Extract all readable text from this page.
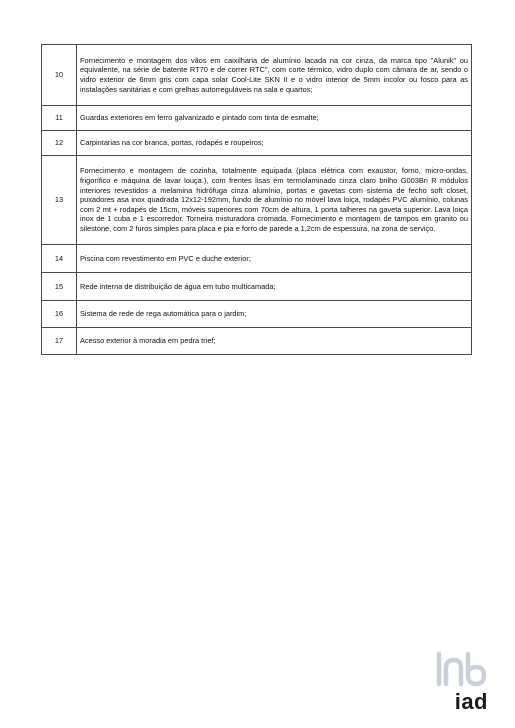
10	Fornecimento e montagem dos vãos em caixilharia de alumínio lacada na cor cinza, da marca tipo "Alunik" ou equivalente, na série de batente RT70 e de correr RTC", com corte térmico, vidro duplo com câmara de ar, sendo o vidro exterior de 6mm gris com capa solar Cool-Lite SKN II e o vidro interior de 5mm incolor ou fosco para as instalações sanitárias e com grelhas autorreguláveis na sala e quartos;
11	Guardas exteriores em ferro galvanizado e pintado com tinta de esmalte;
12	Carpintarias na cor branca, portas, rodapés e roupeiros;
13	Fornecimento e montagem de cozinha, totalmente equipada (placa elétrica com exaustor, forno, micro-ondas, frigorífico e máquina de lavar louça.), com frentes lisas em termolaminado cinza claro brilho G003Bri R módulos interiores revestidos a melamina hidrófuga cinza alumínio, portas e gavetas com sistema de fecho soft closet, puxadores asa inox quadrada 12x12-192mm, fundo de alumínio no móvel lava loiça, rodapés PVC alumínio, colunas com 2 mt + rodapés de 15cm, móveis superiores com 70cm de altura, 1 porta talheres na gaveta superior. Lava loiça inox de 1 cuba e 1 escorredor. Torneira misturadora cromada. Fornecimento e montagem de tampos em granito ou silestone, com 2 furos simples para placa e pia e forro de parede a 1,2cm de espessura, na zona de serviço.
14	Piscina com revestimento em PVC e duche exterior;
15	Rede interna de distribuição de água em tubo multicamada;
16	Sistema de rede de rega automática para o jardim;
17	Acesso exterior à moradia em pedra trief;
iad
